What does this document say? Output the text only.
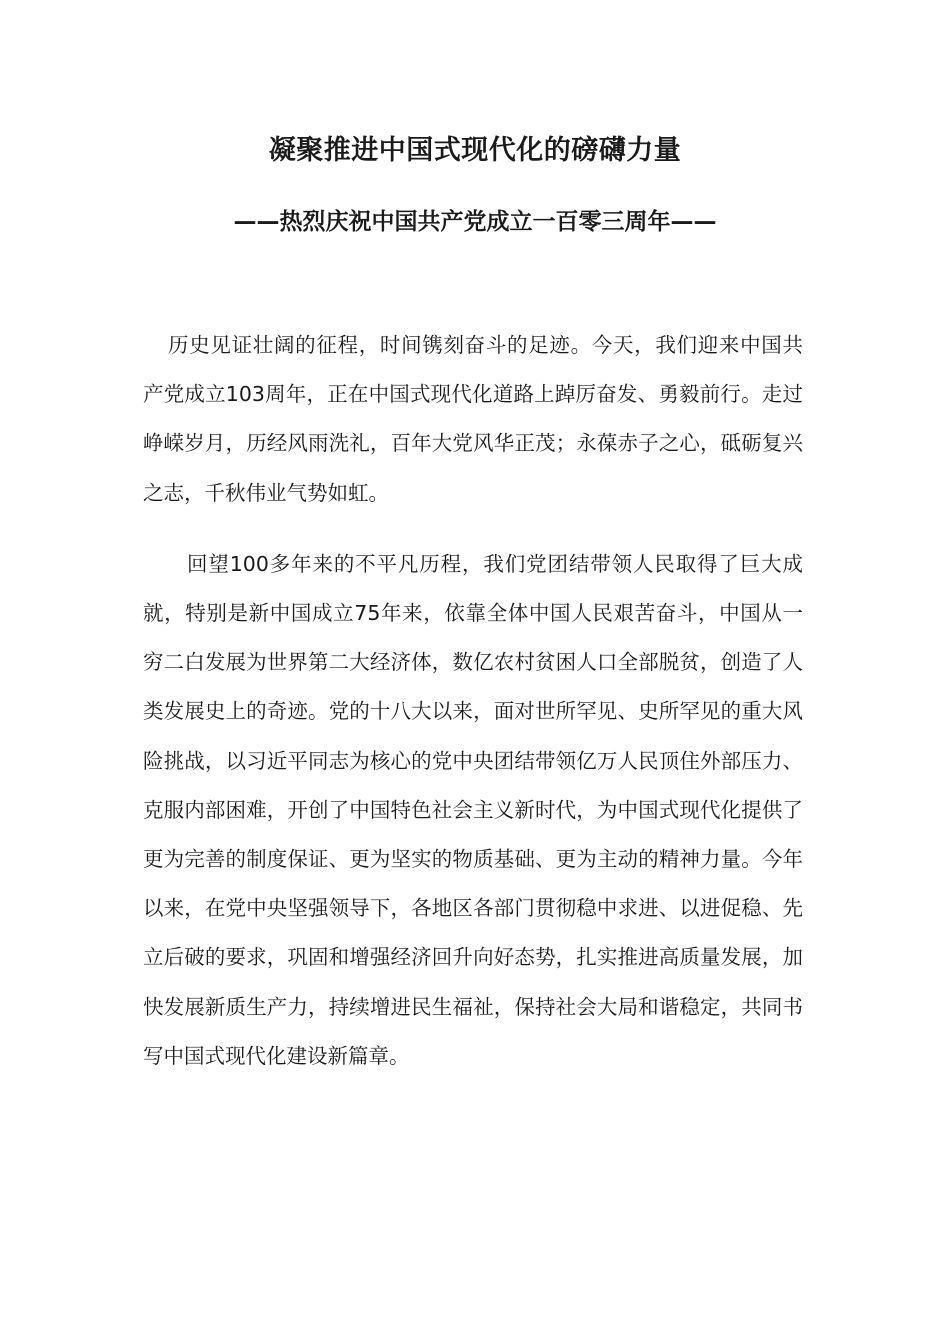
凝聚推进中国式现代化的磅礴力量
——热烈庆祝中国共产党成立一百零三周年——

历史见证壮阔的征程，时间镌刻奋斗的足迹。今天，我们迎来中国共产党成立103周年，正在中国式现代化道路上踔厉奋发、勇毅前行。走过峥嵘岁月，历经风雨洗礼，百年大党风华正茂；永葆赤子之心，砥砺复兴之志，千秋伟业气势如虹。

回望100多年来的不平凡历程，我们党团结带领人民取得了巨大成就，特别是新中国成立75年来，依靠全体中国人民艰苦奋斗，中国从一穷二白发展为世界第二大经济体，数亿农村贫困人口全部脱贫，创造了人类发展史上的奇迹。党的十八大以来，面对世所罕见、史所罕见的重大风险挑战，以习近平同志为核心的党中央团结带领亿万人民顶住外部压力、克服内部困难，开创了中国特色社会主义新时代，为中国式现代化提供了更为完善的制度保证、更为坚实的物质基础、更为主动的精神力量。今年以来，在党中央坚强领导下，各地区各部门贯彻稳中求进、以进促稳、先立后破的要求，巩固和增强经济回升向好态势，扎实推进高质量发展，加快发展新质生产力，持续增进民生福祉，保持社会大局和谐稳定，共同书写中国式现代化建设新篇章。
